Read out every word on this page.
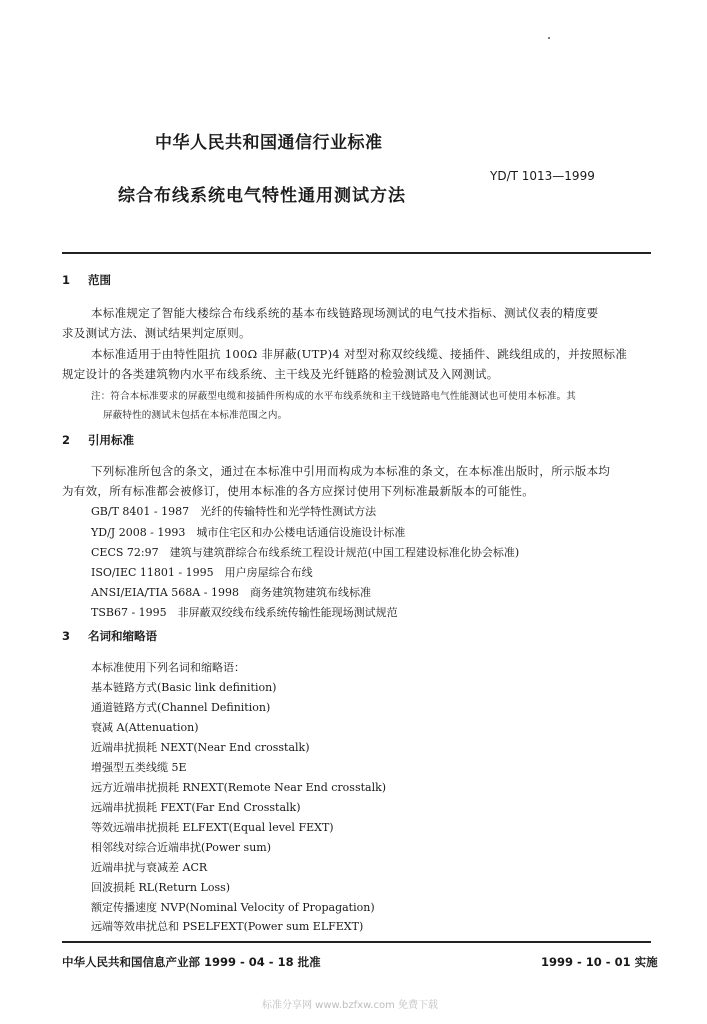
中华人民共和国通信行业标准
YD/T 1013—1999
综合布线系统电气特性通用测试方法
1 范围
本标准规定了智能大楼综合布线系统的基本布线链路现场测试的电气技术指标、测试仪表的精度要
求及测试方法、测试结果判定原则。
本标准适用于由特性阻抗 100Ω 非屏蔽(UTP)4 对型对称双绞线缆、接插件、跳线组成的，并按照标准
规定设计的各类建筑物内水平布线系统、主干线及光纤链路的检验测试及入网测试。
注：符合本标准要求的屏蔽型电缆和接插件所构成的水平布线系统和主干线链路电气性能测试也可使用本标准。其
屏蔽特性的测试未包括在本标准范围之内。
2 引用标准
下列标准所包含的条文，通过在本标准中引用而构成为本标准的条文，在本标准出版时，所示版本均
为有效，所有标准都会被修订，使用本标准的各方应探讨使用下列标准最新版本的可能性。
GB/T 8401 - 1987　光纤的传输特性和光学特性测试方法
YD/J 2008 - 1993　城市住宅区和办公楼电话通信设施设计标准
CECS 72:97　建筑与建筑群综合布线系统工程设计规范(中国工程建设标准化协会标准)
ISO/IEC 11801 - 1995　用户房屋综合布线
ANSI/EIA/TIA 568A - 1998　商务建筑物建筑布线标准
TSB67 - 1995　非屏蔽双绞线布线系统传输性能现场测试规范
3 名词和缩略语
本标准使用下列名词和缩略语：
基本链路方式(Basic link definition)
通道链路方式(Channel Definition)
衰减 A(Attenuation)
近端串扰损耗 NEXT(Near End crosstalk)
增强型五类线缆 5E
远方近端串扰损耗 RNEXT(Remote Near End crosstalk)
远端串扰损耗 FEXT(Far End Crosstalk)
等效远端串扰损耗 ELFEXT(Equal level FEXT)
相邻线对综合近端串扰(Power sum)
近端串扰与衰减差 ACR
回波损耗 RL(Return Loss)
额定传播速度 NVP(Nominal Velocity of Propagation)
远端等效串扰总和 PSELFEXT(Power sum ELFEXT)
中华人民共和国信息产业部 1999 - 04 - 18 批准	1999 - 10 - 01 实施
标准分享网 www.bzfxw.com 免费下载
